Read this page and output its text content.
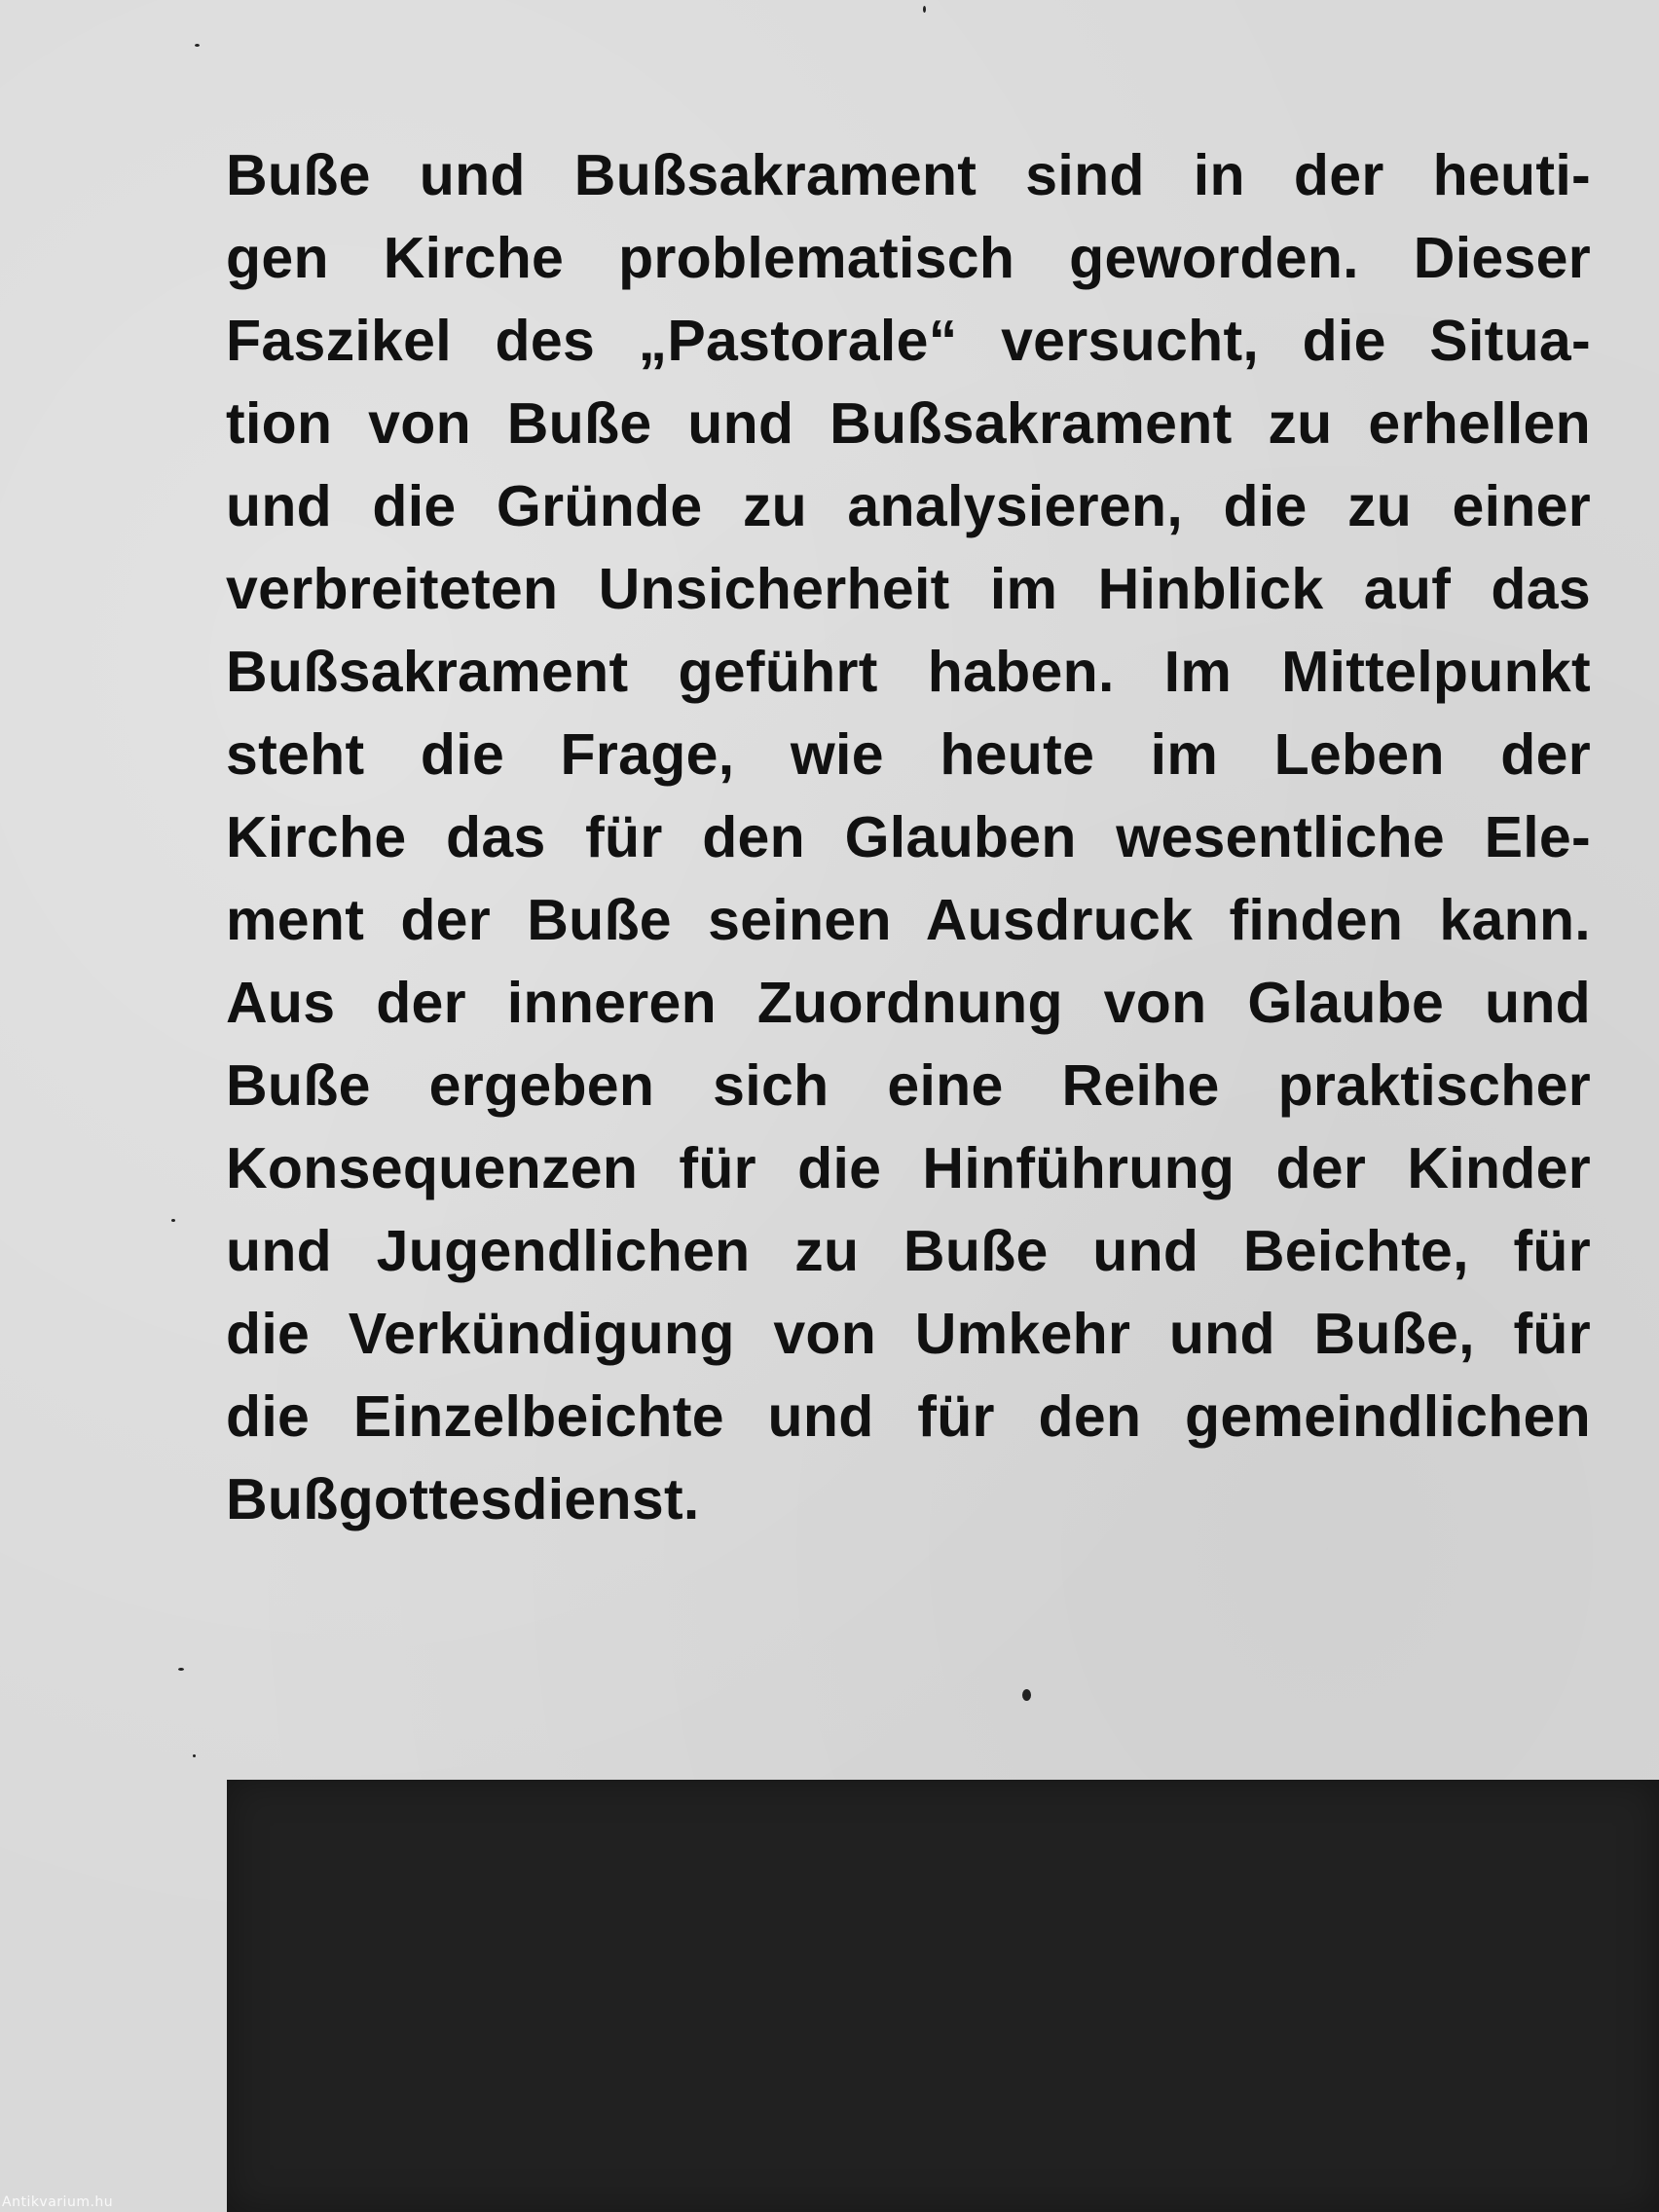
Buße und Bußsakrament sind in der heuti-
gen Kirche problematisch geworden. Dieser
Faszikel des „Pastorale“ versucht, die Situa-
tion von Buße und Bußsakrament zu erhellen
und die Gründe zu analysieren, die zu einer
verbreiteten Unsicherheit im Hinblick auf das
Bußsakrament geführt haben. Im Mittelpunkt
steht die Frage, wie heute im Leben der
Kirche das für den Glauben wesentliche Ele-
ment der Buße seinen Ausdruck finden kann.
Aus der inneren Zuordnung von Glaube und
Buße ergeben sich eine Reihe praktischer
Konsequenzen für die Hinführung der Kinder
und Jugendlichen zu Buße und Beichte, für
die Verkündigung von Umkehr und Buße, für
die Einzelbeichte und für den gemeindlichen
Bußgottesdienst.

Antikvarium.hu
